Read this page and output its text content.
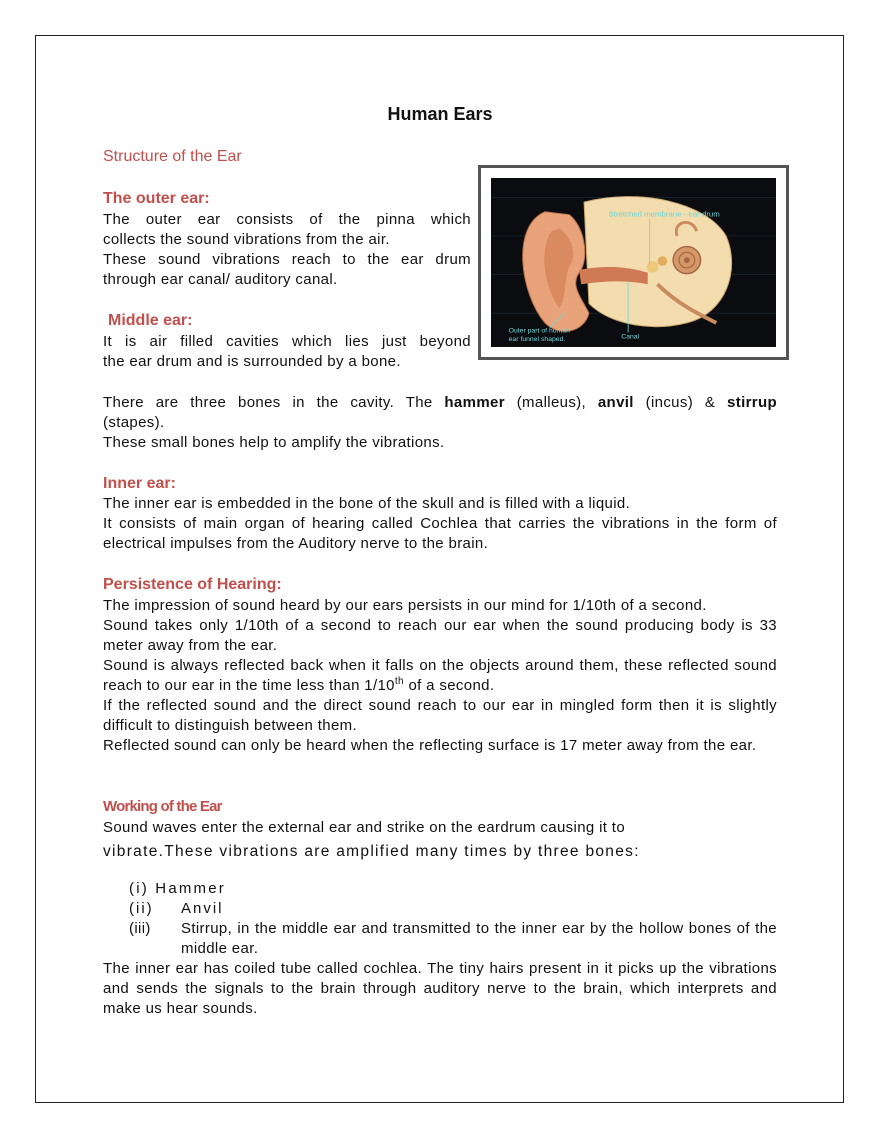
Human Ears
Structure of the Ear
The outer ear:
The outer ear consists of the pinna which
collects the sound vibrations from the air.
These sound vibrations reach to the ear drum
through ear canal/ auditory canal.
Middle ear:
It is air filled cavities which lies just beyond
the ear drum and is surrounded by a bone.
There are three bones in the cavity. The hammer (malleus), anvil (incus) & stirrup
(stapes).
These small bones help to amplify the vibrations.
Stretched membrane - ear drum
Outer part of human
ear funnel shaped.	Canal
Inner ear:
The inner ear is embedded in the bone of the skull and is filled with a liquid.
It consists of main organ of hearing called Cochlea that carries the vibrations in the form of electrical impulses from the Auditory nerve to the brain.
Persistence of Hearing:
The impression of sound heard by our ears persists in our mind for 1/10th of a second.
Sound takes only 1/10th of a second to reach our ear when the sound producing body is 33 meter away from the ear.
Sound is always reflected back when it falls on the objects around them, these reflected sound reach to our ear in the time less than 1/10th of a second.
If the reflected sound and the direct sound reach to our ear in mingled form then it is slightly difficult to distinguish between them.
Reflected sound can only be heard when the reflecting surface is 17 meter away from the ear.
Working of the Ear
Sound waves enter the external ear and strike on the eardrum causing it to
vibrate.These vibrations are amplified many times by three bones:
(i) Hammer
(ii)	Anvil
(iii)	Stirrup, in the middle ear and transmitted to the inner ear by the hollow bones of the middle ear.
The inner ear has coiled tube called cochlea. The tiny hairs present in it picks up the vibrations and sends the signals to the brain through auditory nerve to the brain, which interprets and make us hear sounds.
